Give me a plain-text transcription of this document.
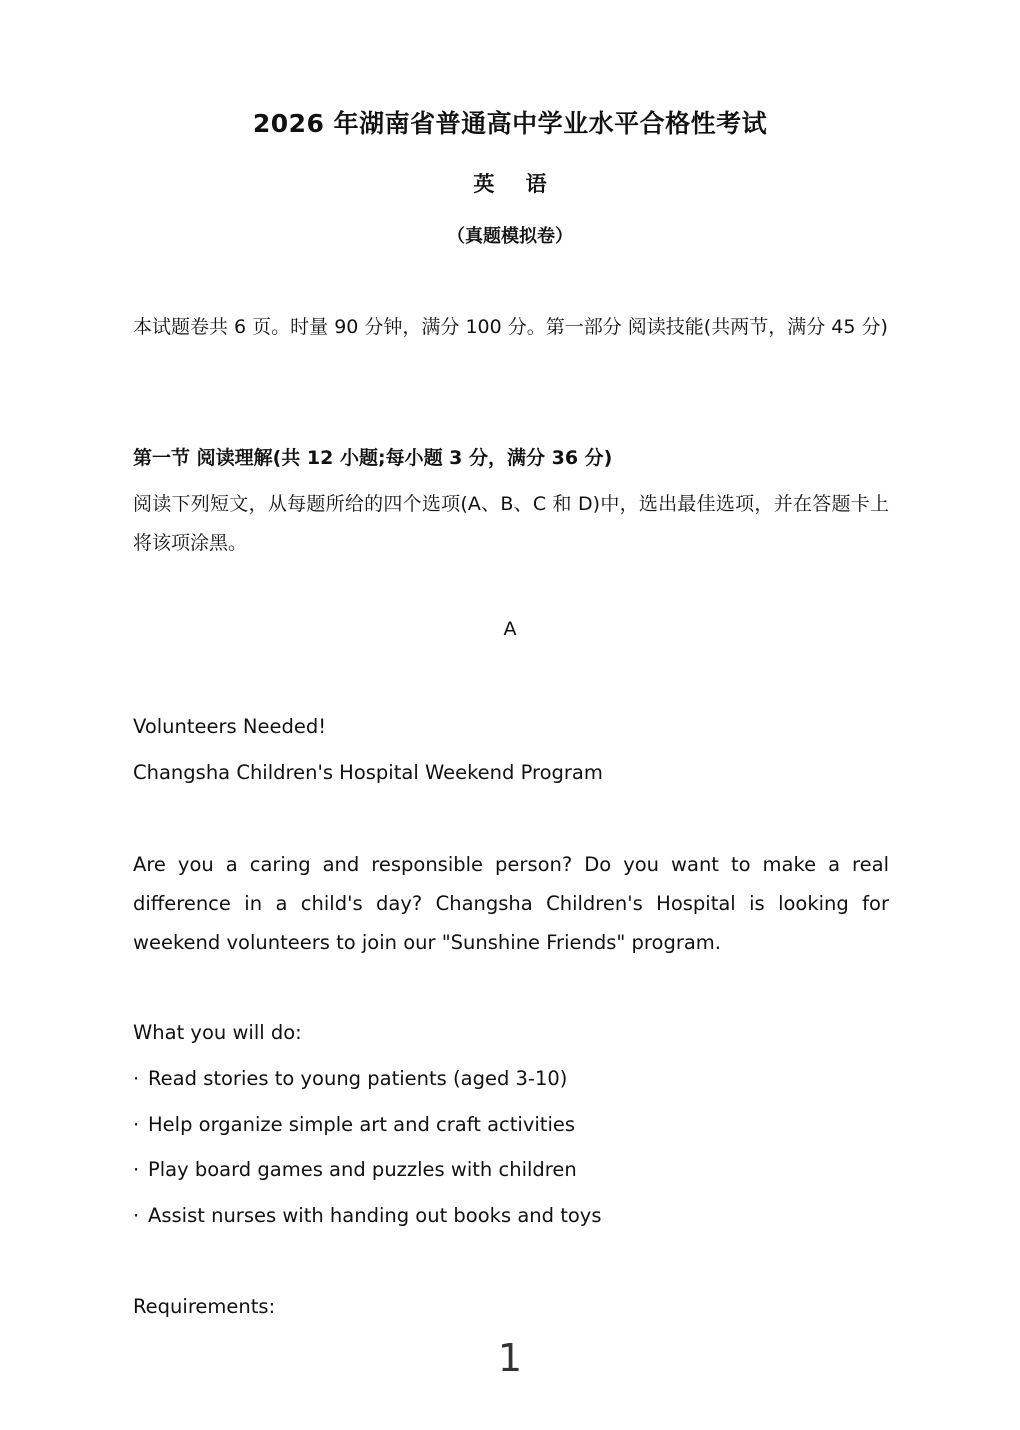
2026 年湖南省普通高中学业水平合格性考试
英 语
（真题模拟卷）
本试题卷共 6 页。时量 90 分钟，满分 100 分。第一部分 阅读技能(共两节，满分 45 分)
第一节 阅读理解(共 12 小题;每小题 3 分，满分 36 分)
阅读下列短文，从每题所给的四个选项(A、B、C 和 D)中，选出最佳选项，并在答题卡上将该项涂黑。
A
Volunteers Needed!
Changsha Children's Hospital Weekend Program
Are you a caring and responsible person? Do you want to make a real difference in a child's day? Changsha Children's Hospital is looking for weekend volunteers to join our "Sunshine Friends" program.
What you will do:
· Read stories to young patients (aged 3-10)
· Help organize simple art and craft activities
· Play board games and puzzles with children
· Assist nurses with handing out books and toys
Requirements:
1
